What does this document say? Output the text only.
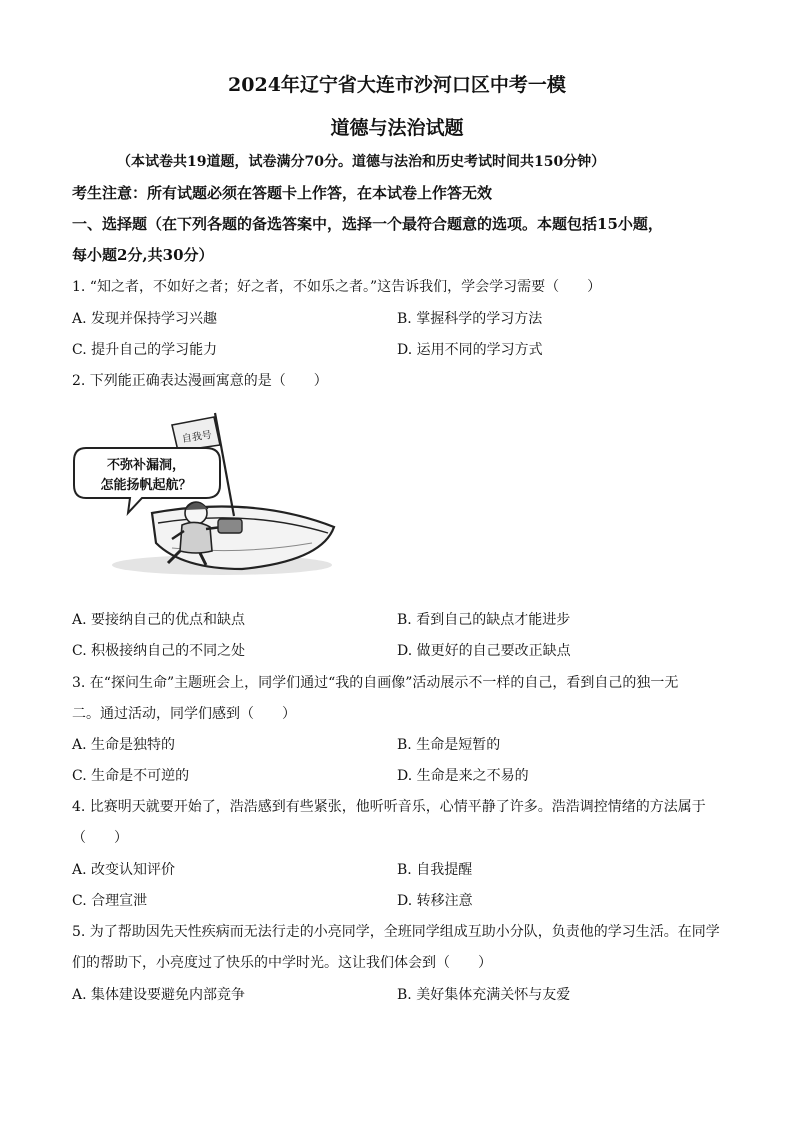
2024年辽宁省大连市沙河口区中考一模
道德与法治试题
（本试卷共19道题，试卷满分70分。道德与法治和历史考试时间共150分钟）
考生注意：所有试题必须在答题卡上作答，在本试卷上作答无效
一、选择题（在下列各题的备选答案中，选择一个最符合题意的选项。本题包括15小题，
每小题2分,共30分）
1. “知之者，不如好之者；好之者，不如乐之者。”这告诉我们，学会学习需要（　　）
A. 发现并保持学习兴趣	B. 掌握科学的学习方法
C. 提升自己的学习能力	D. 运用不同的学习方式
2. 下列能正确表达漫画寓意的是（　　）
自我号
不弥补漏洞，
怎能扬帆起航？
A. 要接纳自己的优点和缺点	B. 看到自己的缺点才能进步
C. 积极接纳自己的不同之处	D. 做更好的自己要改正缺点
3. 在“探问生命”主题班会上，同学们通过“我的自画像”活动展示不一样的自己，看到自己的独一无
二。通过活动，同学们感到（　　）
A. 生命是独特的	B. 生命是短暂的
C. 生命是不可逆的	D. 生命是来之不易的
4. 比赛明天就要开始了，浩浩感到有些紧张，他听听音乐，心情平静了许多。浩浩调控情绪的方法属于
（　　）
A. 改变认知评价	B. 自我提醒
C. 合理宣泄	D. 转移注意
5. 为了帮助因先天性疾病而无法行走的小亮同学，全班同学组成互助小分队，负责他的学习生活。在同学
们的帮助下，小亮度过了快乐的中学时光。这让我们体会到（　　）
A. 集体建设要避免内部竞争	B. 美好集体充满关怀与友爱
